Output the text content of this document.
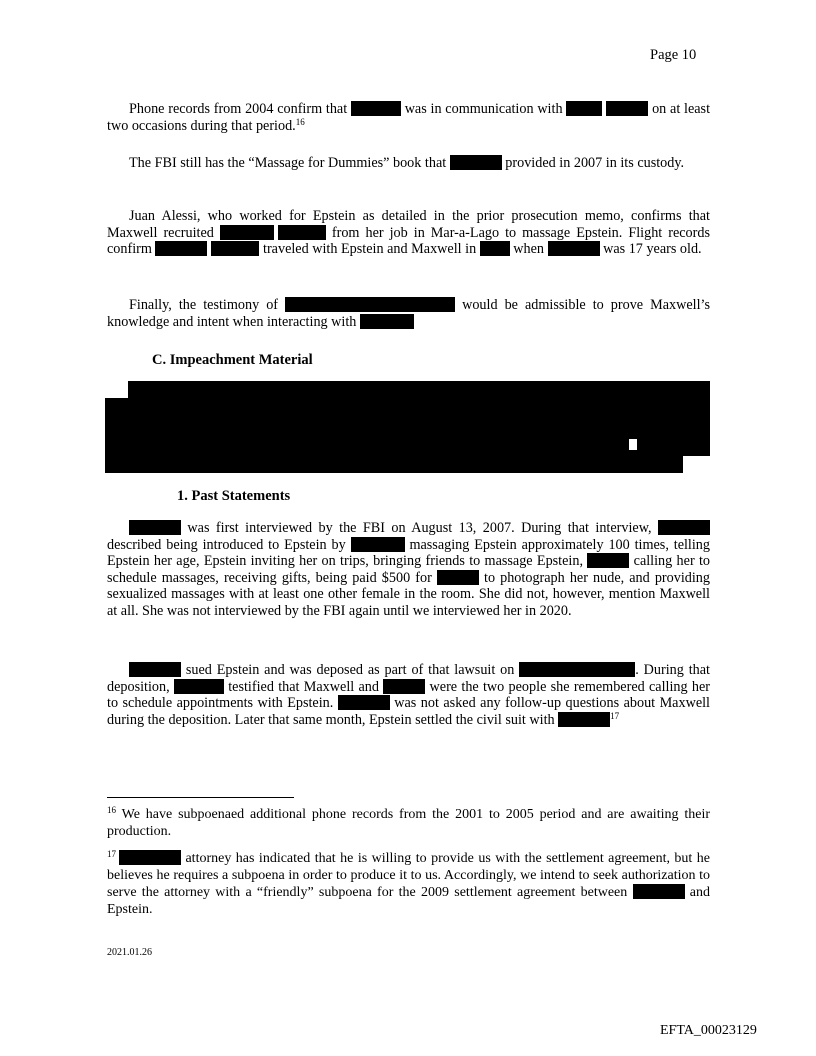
Page 10

Phone records from 2004 confirm that	was in communication with	on at least two occasions during that period.$^{16}$

The FBI still has the “Massage for Dummies” book that	provided in 2007 in its custody.

Juan Alessi, who worked for Epstein as detailed in the prior prosecution memo, confirms that Maxwell recruited	from her job in Mar-a-Lago to massage Epstein. Flight records confirm	traveled with Epstein and Maxwell in	when	was 17 years old.

Finally, the testimony of	would be admissible to prove Maxwell’s knowledge and intent when interacting with

C. Impeachment Material
1. Past Statements

was first interviewed by the FBI on August 13, 2007. During that interview,  described being introduced to Epstein by	massaging Epstein approximately 100 times, telling Epstein her age, Epstein inviting her on trips, bringing friends to massage Epstein,	calling her to schedule massages, receiving gifts, being paid $500 for	to photograph her nude, and providing sexualized massages with at least one other female in the room. She did not, however, mention Maxwell at all. She was not interviewed by the FBI again until we interviewed her in 2020.

sued Epstein and was deposed as part of that lawsuit on	. During that deposition,	testified that Maxwell and	were the two people she remembered calling her to schedule appointments with Epstein.	was not asked any follow-up questions about Maxwell during the deposition. Later that same month, Epstein settled the civil suit with	$^{17}$

$^{16}$ We have subpoenaed additional phone records from the 2001 to 2005 period and are awaiting their production.

$^{17}$	attorney has indicated that he is willing to provide us with the settlement agreement, but he believes he requires a subpoena in order to produce it to us. Accordingly, we intend to seek authorization to serve the attorney with a “friendly” subpoena for the 2009 settlement agreement between	and Epstein.

2021.01.26
EFTA_00023129
